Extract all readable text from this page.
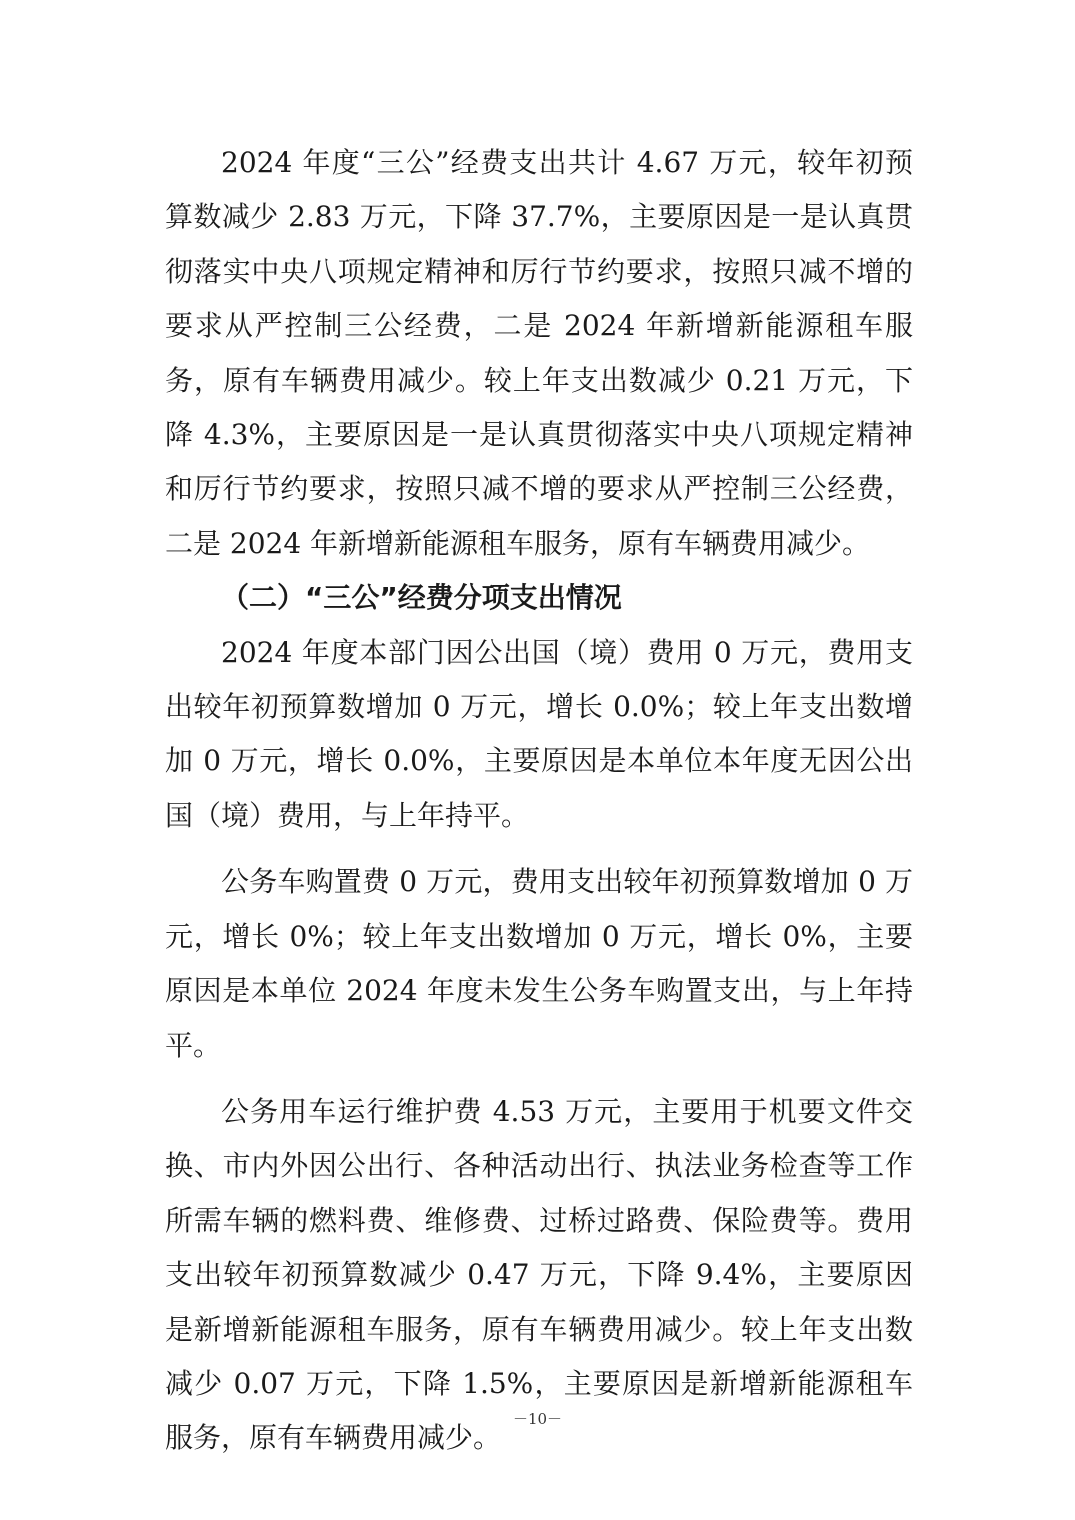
2024 年度“三公”经费支出共计 4.67 万元，较年初预算数减少 2.83 万元，下降 37.7%，主要原因是一是认真贯彻落实中央八项规定精神和厉行节约要求，按照只减不增的要求从严控制三公经费，二是 2024 年新增新能源租车服务，原有车辆费用减少。较上年支出数减少 0.21 万元，下降 4.3%，主要原因是一是认真贯彻落实中央八项规定精神和厉行节约要求，按照只减不增的要求从严控制三公经费，二是 2024 年新增新能源租车服务，原有车辆费用减少。

（二）“三公”经费分项支出情况

2024 年度本部门因公出国（境）费用 0 万元，费用支出较年初预算数增加 0 万元，增长 0.0%；较上年支出数增加 0 万元，增长 0.0%，主要原因是本单位本年度无因公出国（境）费用，与上年持平。

公务车购置费 0 万元，费用支出较年初预算数增加 0 万元，增长 0%；较上年支出数增加 0 万元，增长 0%，主要原因是本单位 2024 年度未发生公务车购置支出，与上年持平。

公务用车运行维护费 4.53 万元，主要用于机要文件交换、市内外因公出行、各种活动出行、执法业务检查等工作所需车辆的燃料费、维修费、过桥过路费、保险费等。费用支出较年初预算数减少 0.47 万元，下降 9.4%，主要原因是新增新能源租车服务，原有车辆费用减少。较上年支出数减少 0.07 万元，下降 1.5%，主要原因是新增新能源租车服务，原有车辆费用减少。

－10－
